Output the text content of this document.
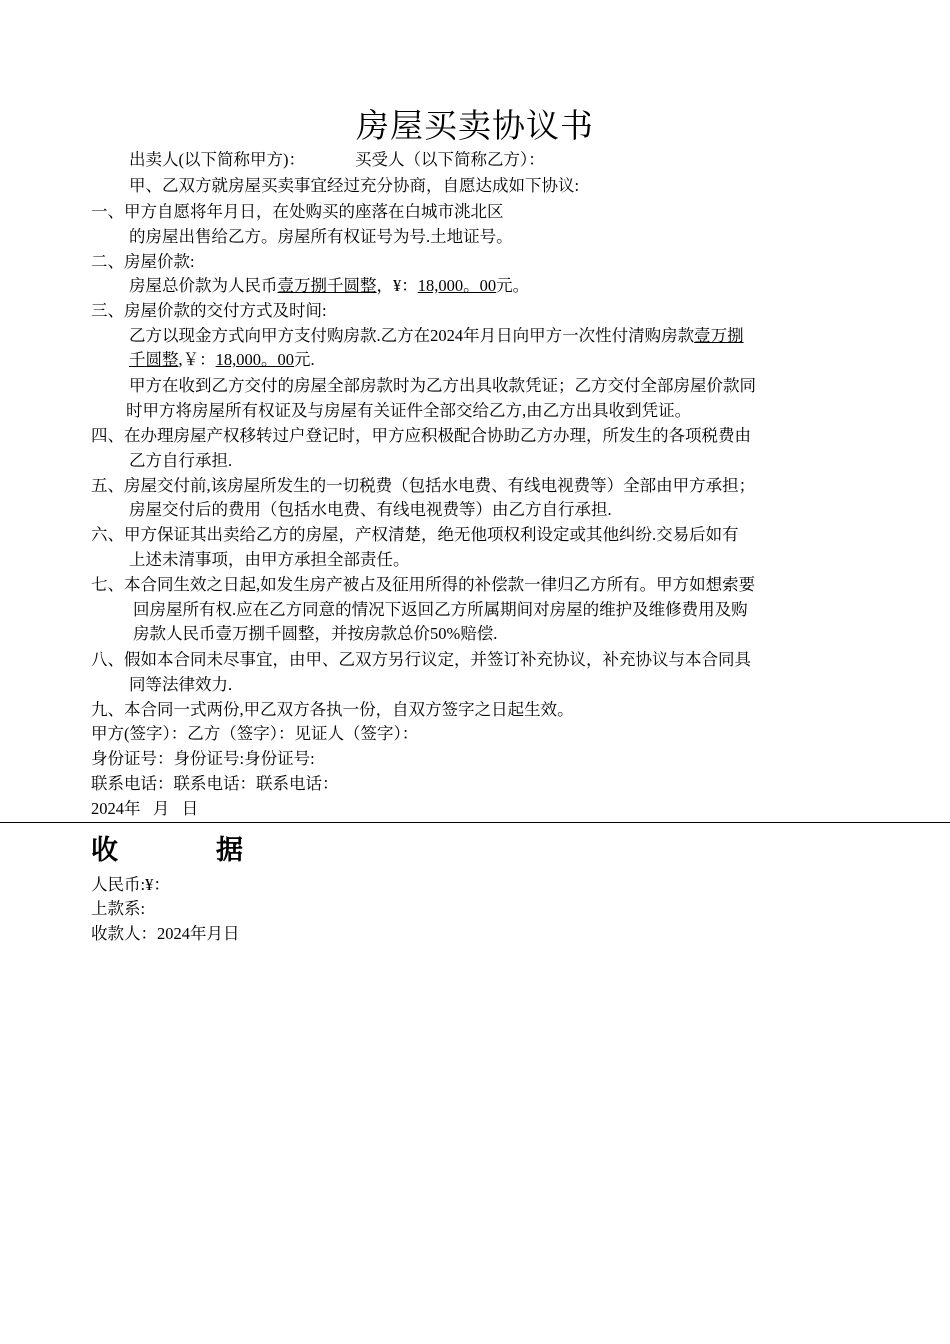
房屋买卖协议书
出卖人(以下简称甲方)：	买受人（以下简称乙方）：
甲、乙双方就房屋买卖事宜经过充分协商，自愿达成如下协议:
一、甲方自愿将年月日，在处购买的座落在白城市洮北区
的房屋出售给乙方。房屋所有权证号为号.土地证号。
二、房屋价款:
房屋总价款为人民币壹万捌千圆整，¥：18,000。00元。
三、房屋价款的交付方式及时间:
乙方以现金方式向甲方支付购房款.乙方在2024年月日向甲方一次性付清购房款壹万捌
千圆整,￥：18,000。00元.
甲方在收到乙方交付的房屋全部房款时为乙方出具收款凭证；乙方交付全部房屋价款同
时甲方将房屋所有权证及与房屋有关证件全部交给乙方,由乙方出具收到凭证。
四、在办理房屋产权移转过户登记时，甲方应积极配合协助乙方办理，所发生的各项税费由
乙方自行承担.
五、房屋交付前,该房屋所发生的一切税费（包括水电费、有线电视费等）全部由甲方承担；
房屋交付后的费用（包括水电费、有线电视费等）由乙方自行承担.
六、甲方保证其出卖给乙方的房屋，产权清楚，绝无他项权利设定或其他纠纷.交易后如有
上述未清事项，由甲方承担全部责任。
七、本合同生效之日起,如发生房产被占及征用所得的补偿款一律归乙方所有。甲方如想索要
回房屋所有权.应在乙方同意的情况下返回乙方所属期间对房屋的维护及维修费用及购
房款人民币壹万捌千圆整，并按房款总价50%赔偿.
八、假如本合同未尽事宜，由甲、乙双方另行议定，并签订补充协议，补充协议与本合同具
同等法律效力.
九、本合同一式两份,甲乙双方各执一份，自双方签字之日起生效。
甲方(签字）：乙方（签字）：见证人（签字）：
身份证号：身份证号:身份证号:
联系电话：联系电话：联系电话：
2024年   月   日
收	据
人民币:¥：
上款系:
收款人：2024年月日
